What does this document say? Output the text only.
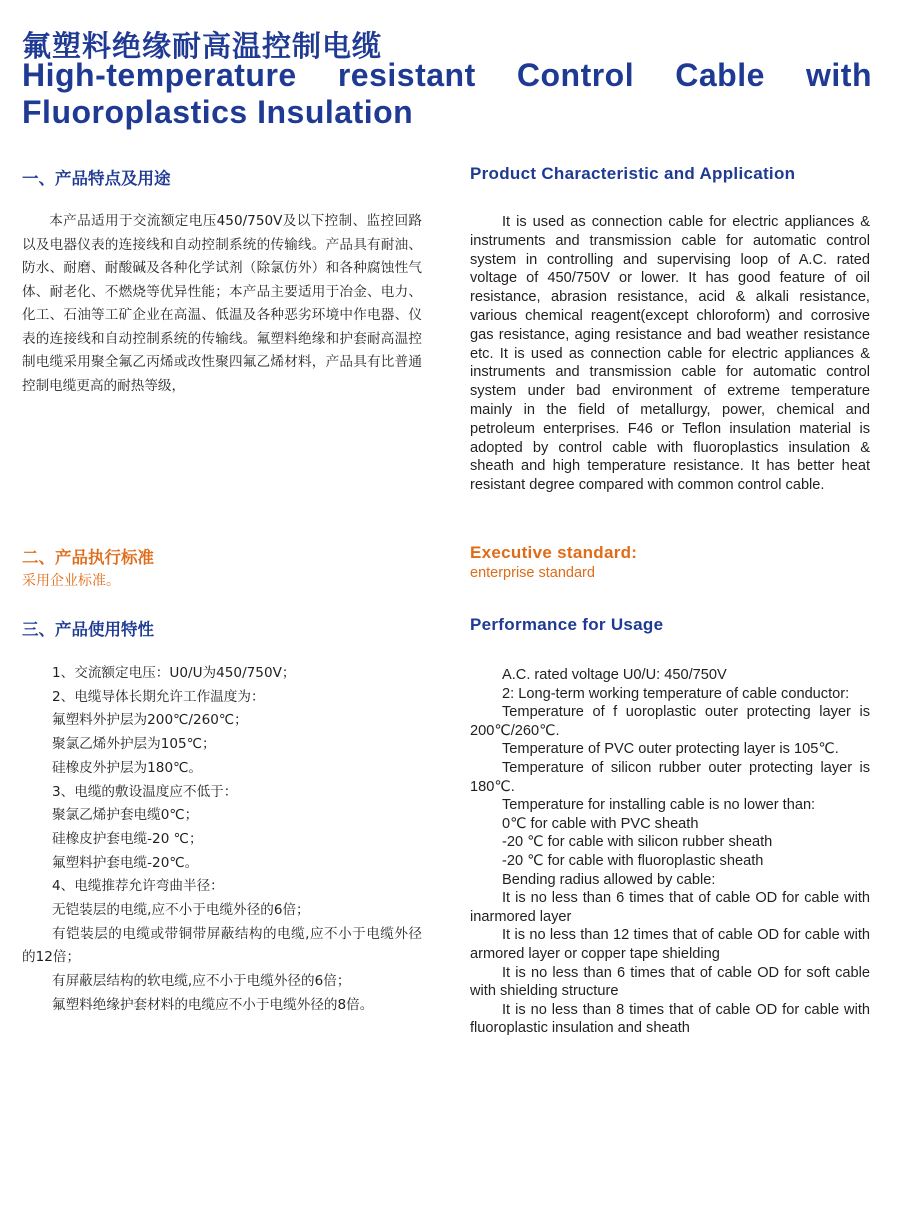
氟塑料绝缘耐高温控制电缆
High-temperature resistant Control Cable with Fluoroplastics Insulation
一、产品特点及用途

本产品适用于交流额定电压450/750V及以下控制、监控回路以及电器仪表的连接线和自动控制系统的传输线。产品具有耐油、防水、耐磨、耐酸碱及各种化学试剂（除氯仿外）和各种腐蚀性气体、耐老化、不燃烧等优异性能；本产品主要适用于冶金、电力、化工、石油等工矿企业在高温、低温及各种恶劣环境中作电器、仪表的连接线和自动控制系统的传输线。氟塑料绝缘和护套耐高温控制电缆采用聚全氟乙丙烯或改性聚四氟乙烯材料，产品具有比普通控制电缆更高的耐热等级，

Product Characteristic and Application

It is used as connection cable for electric appliances & instruments and transmission cable for automatic control system in controlling and supervising loop of A.C. rated voltage of 450/750V or lower. It has good feature of oil resistance, abrasion resistance, acid & alkali resistance, various chemical reagent(except chloroform) and corrosive gas resistance, aging resistance and bad weather resistance etc. It is used as connection cable for electric appliances & instruments and transmission cable for automatic control system under bad environment of extreme temperature mainly in the field of metallurgy, power, chemical and petroleum enterprises. F46 or Teflon insulation material is adopted by control cable with fluoroplastics insulation & sheath and high temperature resistance. It has better heat resistant degree compared with common control cable.

二、产品执行标准
采用企业标准。
Executive standard:
enterprise standard
三、产品使用特性
1、交流额定电压：U0/U为450/750V；
2、电缆导体长期允许工作温度为：
氟塑料外护层为200℃/260℃；
聚氯乙烯外护层为105℃；
硅橡皮外护层为180℃。
3、电缆的敷设温度应不低于：
聚氯乙烯护套电缆0℃；
硅橡皮护套电缆-20 ℃；
氟塑料护套电缆-20℃。
4、电缆推荐允许弯曲半径：
无铠装层的电缆,应不小于电缆外径的6倍；
有铠装层的电缆或带铜带屏蔽结构的电缆,应不小于电缆外径的12倍；
有屏蔽层结构的软电缆,应不小于电缆外径的6倍；
氟塑料绝缘护套材料的电缆应不小于电缆外径的8倍。
Performance for Usage
A.C. rated voltage U0/U: 450/750V
2: Long-term working temperature of cable conductor:
Temperature of f uoroplastic outer protecting layer is 200℃/260℃.
Temperature of PVC outer protecting layer is 105℃.
Temperature of silicon rubber outer protecting layer is 180℃.
Temperature for installing cable is no lower than:
0℃ for cable with PVC sheath
-20 ℃ for cable with silicon rubber sheath
-20 ℃ for cable with fluoroplastic sheath
Bending radius allowed by cable:
It is no less than 6 times that of cable OD for cable with inarmored layer
It is no less than 12 times that of cable OD for cable with armored layer or copper tape shielding
It is no less than 6 times that of cable OD for soft cable with shielding structure
It is no less than 8 times that of cable OD for cable with fluoroplastic insulation and sheath
